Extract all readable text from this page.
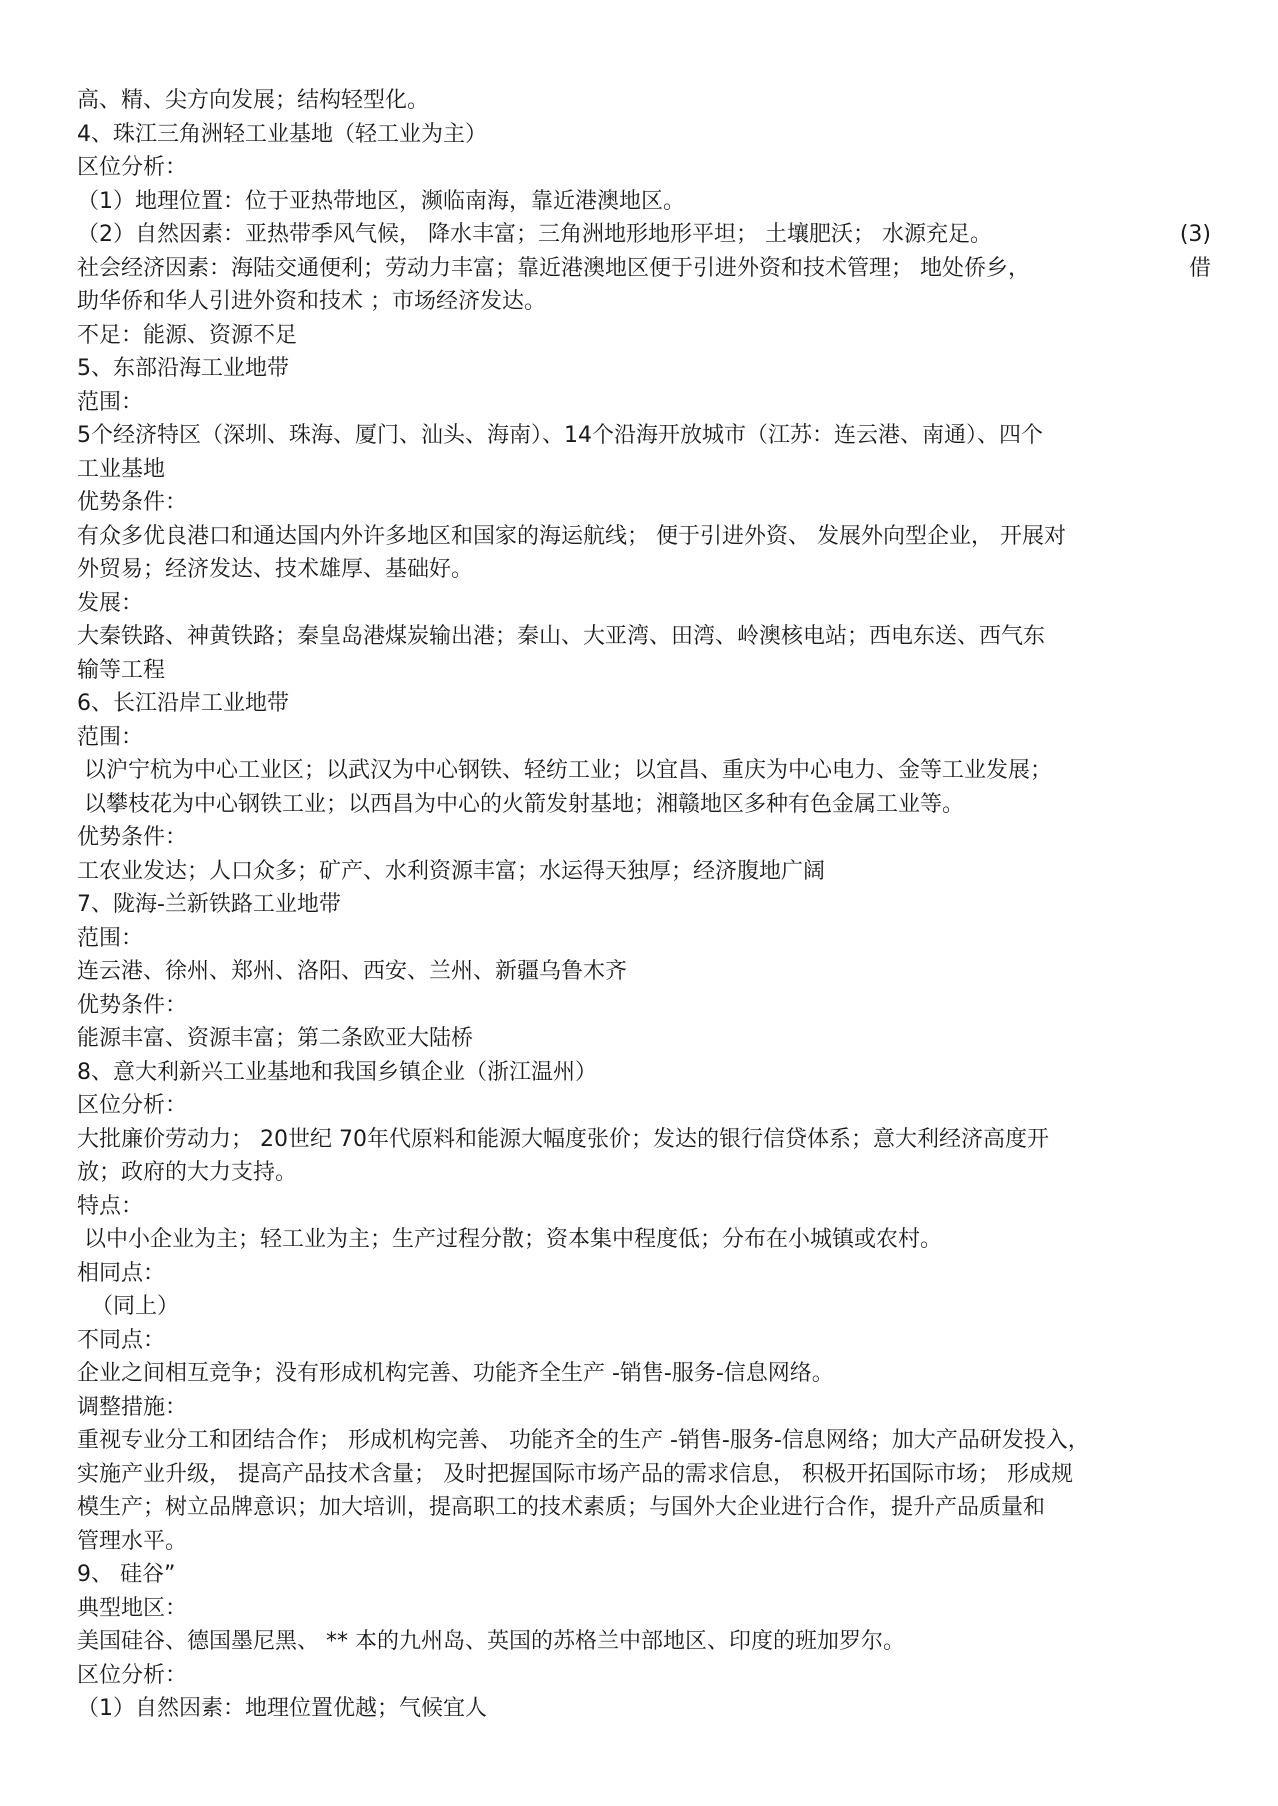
高、精、尖方向发展；结构轻型化。
4、珠江三角洲轻工业基地（轻工业为主）
区位分析：
（1）地理位置：位于亚热带地区，濒临南海，靠近港澳地区。
（2）自然因素：亚热带季风气候， 降水丰富；三角洲地形地形平坦； 土壤肥沃； 水源充足。	(3)
社会经济因素：海陆交通便利；劳动力丰富；靠近港澳地区便于引进外资和技术管理； 地处侨乡，	借
助华侨和华人引进外资和技术 ；市场经济发达。
不足：能源、资源不足
5、东部沿海工业地带
范围：
5个经济特区（深圳、珠海、厦门、汕头、海南）、14个沿海开放城市（江苏：连云港、南通）、四个
工业基地
优势条件：
有众多优良港口和通达国内外许多地区和国家的海运航线； 便于引进外资、 发展外向型企业， 开展对
外贸易；经济发达、技术雄厚、基础好。
发展：
大秦铁路、神黄铁路；秦皇岛港煤炭输出港；秦山、大亚湾、田湾、岭澳核电站；西电东送、西气东
输等工程
6、长江沿岸工业地带
范围：
以沪宁杭为中心工业区；以武汉为中心钢铁、轻纺工业；以宜昌、重庆为中心电力、金等工业发展；
以攀枝花为中心钢铁工业；以西昌为中心的火箭发射基地；湘赣地区多种有色金属工业等。
优势条件：
工农业发达；人口众多；矿产、水利资源丰富；水运得天独厚；经济腹地广阔
7、陇海-兰新铁路工业地带
范围：
连云港、徐州、郑州、洛阳、西安、兰州、新疆乌鲁木齐
优势条件：
能源丰富、资源丰富；第二条欧亚大陆桥
8、意大利新兴工业基地和我国乡镇企业（浙江温州）
区位分析：
大批廉价劳动力； 20世纪 70年代原料和能源大幅度张价；发达的银行信贷体系；意大利经济高度开
放；政府的大力支持。
特点：
以中小企业为主；轻工业为主；生产过程分散；资本集中程度低；分布在小城镇或农村。
相同点：
（同上）
不同点：
企业之间相互竞争；没有形成机构完善、功能齐全生产 -销售-服务-信息网络。
调整措施：
重视专业分工和团结合作； 形成机构完善、 功能齐全的生产 -销售-服务-信息网络；加大产品研发投入，
实施产业升级， 提高产品技术含量； 及时把握国际市场产品的需求信息， 积极开拓国际市场； 形成规
模生产；树立品牌意识；加大培训，提高职工的技术素质；与国外大企业进行合作，提升产品质量和
管理水平。
9、 硅谷”
典型地区：
美国硅谷、德国墨尼黑、 ** 本的九州岛、英国的苏格兰中部地区、印度的班加罗尔。
区位分析：
（1）自然因素：地理位置优越；气候宜人
